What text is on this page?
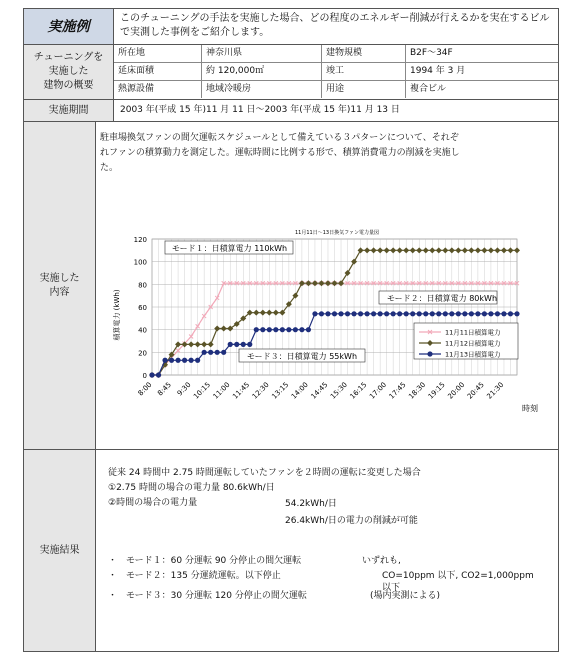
実施例	このチューニングの手法を実施した場合、どの程度のエネルギー削減が行えるかを実在するビルで実測した事例をご紹介します。
チューニングを
実施した
建物の概要
所在地	神奈川県	建物規模	B2F～34F
延床面積	約 120,000㎡	竣工	1994 年 3 月
熱源設備	地域冷暖房	用途	複合ビル
実施期間	2003 年(平成 15 年)11 月 11 日～2003 年(平成 15 年)11 月 13 日
実施した
内容
駐車場換気ファンの間欠運転スケジュールとして備えている３パターンについて、それぞ
れファンの積算動力を測定した。運転時間に比例する形で、積算消費電力の削減を実施し
た。
11月11日～13日換気ファン電力量図
0
20
40
60
80
100
120
8:00 8:45 9:30 10:15 11:00 11:45 12:30 13:15 14:00 14:45 15:30 16:15 17:00 17:45 18:30 19:15 20:00 20:45 21:30
積算電力 (kWh)
時刻
モード１：日積算電力 110kWh
モード２：日積算電力 80kWh
モード３：日積算電力 55kWh
11月11日積算電力
11月12日積算電力
11月13日積算電力
実施結果
従来 24 時間中 2.75 時間運転していたファンを２時間の運転に変更した場合
①2.75 時間の場合の電力量 80.6kWh/日
②時間の場合の電力量	54.2kWh/日
26.4kWh/日の電力の削減が可能
・　モード１：60 分運転 90 分停止の間欠運転
・　モード２：135 分運続運転。以下停止
・　モード３：30 分運転 120 分停止の間欠運転
いずれも,
CO=10ppm 以下, CO2=1,000ppm
以下
(場内実測による)
